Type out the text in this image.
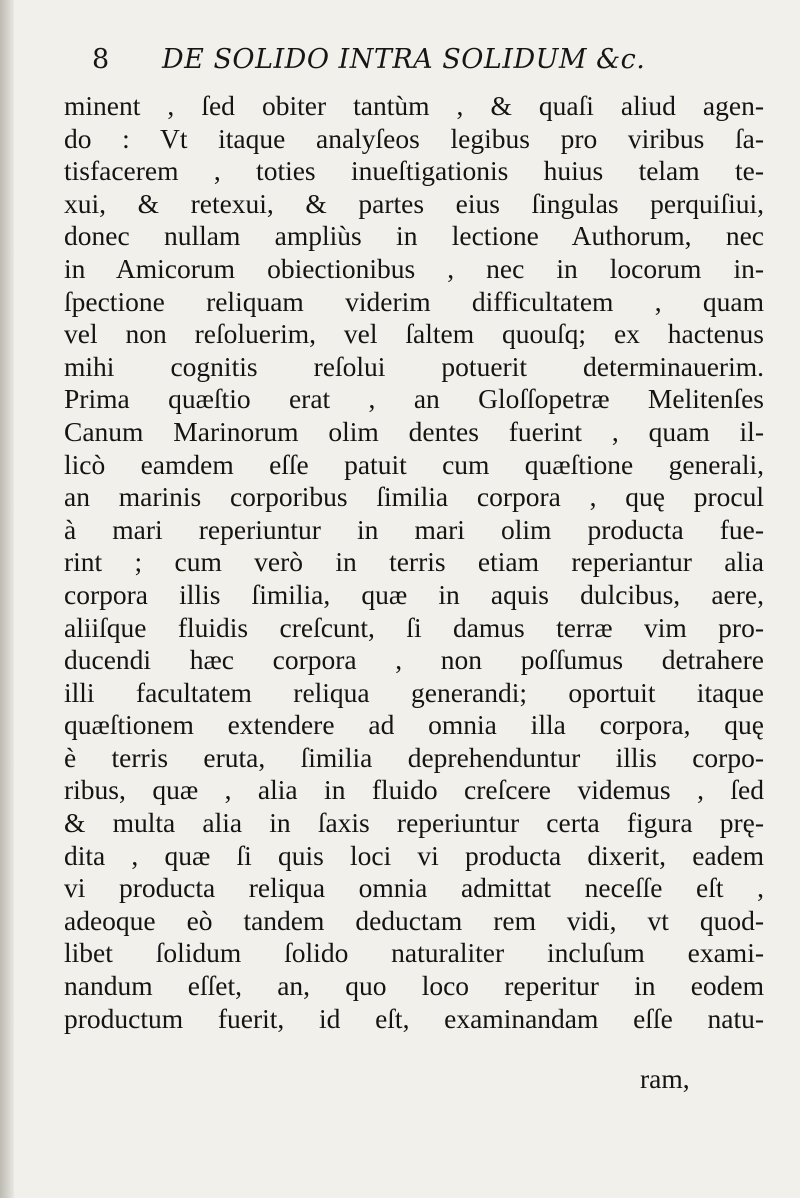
8 DE SOLIDO INTRA SOLIDUM &c.
minent , ſed obiter tantùm , & quaſi aliud agen-
do : Vt itaque analyſeos legibus pro viribus ſa-
tisfacerem , toties inueſtigationis huius telam te-
xui, & retexui, & partes eius ſingulas perquiſiui,
donec nullam ampliùs in lectione Authorum, nec
in Amicorum obiectionibus , nec in locorum in-
ſpectione reliquam viderim difficultatem , quam
vel non reſoluerim, vel ſaltem quouſq; ex hactenus
mihi cognitis reſolui potuerit determinauerim.
Prima quæſtio erat , an Gloſſopetræ Melitenſes
Canum Marinorum olim dentes fuerint , quam il-
licò eamdem eſſe patuit cum quæſtione generali,
an marinis corporibus ſimilia corpora , quę procul
à mari reperiuntur in mari olim producta fue-
rint ; cum verò in terris etiam reperiantur alia
corpora illis ſimilia, quæ in aquis dulcibus, aere,
aliiſque fluidis creſcunt, ſi damus terræ vim pro-
ducendi hæc corpora , non poſſumus detrahere
illi facultatem reliqua generandi; oportuit itaque
quæſtionem extendere ad omnia illa corpora, quę
è terris eruta, ſimilia deprehenduntur illis corpo-
ribus, quæ , alia in fluido creſcere videmus , ſed
& multa alia in ſaxis reperiuntur certa figura prę-
dita , quæ ſi quis loci vi producta dixerit, eadem
vi producta reliqua omnia admittat neceſſe eſt ,
adeoque eò tandem deductam rem vidi, vt quod-
libet ſolidum ſolido naturaliter incluſum exami-
nandum eſſet, an, quo loco reperitur in eodem
productum fuerit, id eſt, examinandam eſſe natu-
ram,
